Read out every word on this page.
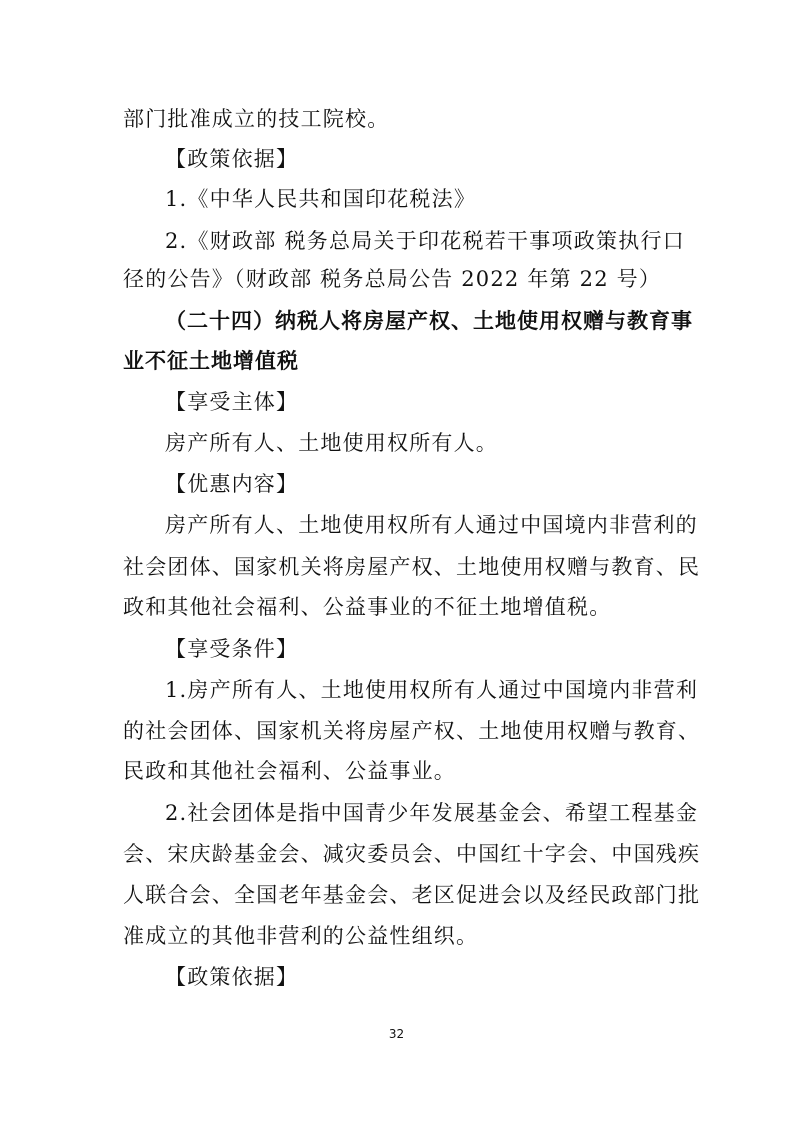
部门批准成立的技工院校。
【政策依据】
1.《中华人民共和国印花税法》
2.《财政部 税务总局关于印花税若干事项政策执行口
径的公告》（财政部 税务总局公告 2022 年第 22 号）
（二十四）纳税人将房屋产权、土地使用权赠与教育事
业不征土地增值税
【享受主体】
房产所有人、土地使用权所有人。
【优惠内容】
房产所有人、土地使用权所有人通过中国境内非营利的
社会团体、国家机关将房屋产权、土地使用权赠与教育、民
政和其他社会福利、公益事业的不征土地增值税。
【享受条件】
1.房产所有人、土地使用权所有人通过中国境内非营利
的社会团体、国家机关将房屋产权、土地使用权赠与教育、
民政和其他社会福利、公益事业。
2.社会团体是指中国青少年发展基金会、希望工程基金
会、宋庆龄基金会、减灾委员会、中国红十字会、中国残疾
人联合会、全国老年基金会、老区促进会以及经民政部门批
准成立的其他非营利的公益性组织。
【政策依据】
32
